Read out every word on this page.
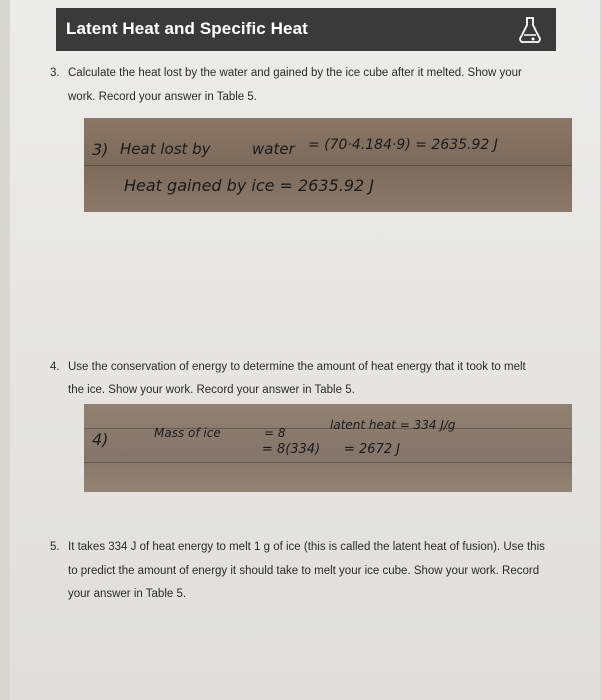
Latent Heat and Specific Heat
3. Calculate the heat lost by the water and gained by the ice cube after it melted. Show your
work. Record your answer in Table 5.
3) Heat lost by	water = (70·4.184·9) = 2635.92 J
Heat gained by ice = 2635.92 J
4. Use the conservation of energy to determine the amount of heat energy that it took to melt
the ice. Show your work. Record your answer in Table 5.
4)	Mass of ice	= 8
latent heat = 334 J/g
= 8(334) = 2672 J
5. It takes 334 J of heat energy to melt 1 g of ice (this is called the latent heat of fusion). Use this
to predict the amount of energy it should take to melt your ice cube. Show your work. Record
your answer in Table 5.
